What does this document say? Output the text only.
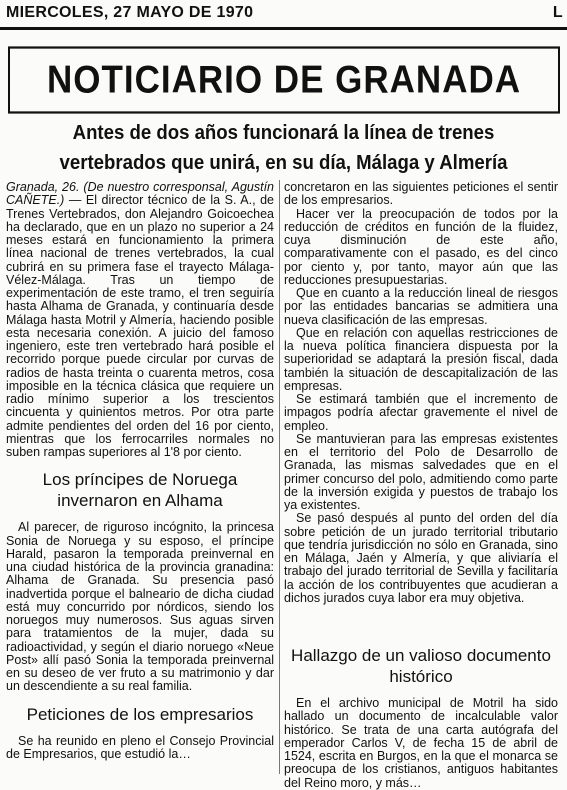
MIERCOLES, 27 MAYO DE 1970	L
NOTICIARIO DE GRANADA
Antes de dos años funcionará la línea de trenes vertebrados que unirá, en su día, Málaga y Almería

Granada, 26. (De nuestro corresponsal, Agustín CAÑETE.) — El director técnico de la S. A., de Trenes Vertebrados, don Alejandro Goicoechea ha declarado, que en un plazo no superior a 24 meses estará en funcionamiento la primera línea nacional de trenes vertebrados, la cual cubrirá en su primera fase el trayecto Málaga-Vélez-Málaga. Tras un tiempo de experimentación de este tramo, el tren seguiría hasta Alhama de Granada, y continuaría desde Málaga hasta Motril y Almería, haciendo posible esta necesaria conexión. A juicio del famoso ingeniero, este tren vertebrado hará posible el recorrido porque puede circular por curvas de radios de hasta treinta o cuarenta metros, cosa imposible en la técnica clásica que requiere un radio mínimo superior a los trescientos cincuenta y quinientos metros. Por otra parte admite pendientes del orden del 16 por ciento, mientras que los ferrocarriles normales no suben rampas superiores al 1'8 por ciento.

Los príncipes de Noruega invernaron en Alhama

Al parecer, de riguroso incógnito, la princesa Sonia de Noruega y su esposo, el príncipe Harald, pasaron la temporada preinvernal en una ciudad histórica de la provincia granadina: Alhama de Granada. Su presencia pasó inadvertida porque el balneario de dicha ciudad está muy concurrido por nórdicos, siendo los noruegos muy numerosos. Sus aguas sirven para tratamientos de la mujer, dada su radioactividad, y según el diario noruego «Neue Post» allí pasó Sonia la temporada preinvernal en su deseo de ver fruto a su matrimonio y dar un descendiente a su real familia.

Peticiones de los empresarios

Se ha reunido en pleno el Consejo Provincial de Empresarios, que estudió la…

concretaron en las siguientes peticiones el sentir de los empresarios.

Hacer ver la preocupación de todos por la reducción de créditos en función de la fluidez, cuya disminución de este año, comparativamente con el pasado, es del cinco por ciento y, por tanto, mayor aún que las reducciones presupuestarias.

Que en cuanto a la reducción lineal de riesgos por las entidades bancarias se admitiera una nueva clasificación de las empresas.

Que en relación con aquellas restricciones de la nueva política financiera dispuesta por la superioridad se adaptará la presión fiscal, dada también la situación de descapitalización de las empresas.

Se estimará también que el incremento de impagos podría afectar gravemente el nivel de empleo.

Se mantuvieran para las empresas existentes en el territorio del Polo de Desarrollo de Granada, las mismas salvedades que en el primer concurso del polo, admitiendo como parte de la inversión exigida y puestos de trabajo los ya existentes.

Se pasó después al punto del orden del día sobre petición de un jurado territorial tributario que tendría jurisdicción no sólo en Granada, sino en Málaga, Jaén y Almería, y que aliviaría el trabajo del jurado territorial de Sevilla y facilitaría la acción de los contribuyentes que acudieran a dichos jurados cuya labor era muy objetiva.

Hallazgo de un valioso documento histórico

En el archivo municipal de Motril ha sido hallado un documento de incalculable valor histórico. Se trata de una carta autógrafa del emperador Carlos V, de fecha 15 de abril de 1524, escrita en Burgos, en la que el monarca se preocupa de los cristianos, antiguos habitantes del Reino moro, y más…
